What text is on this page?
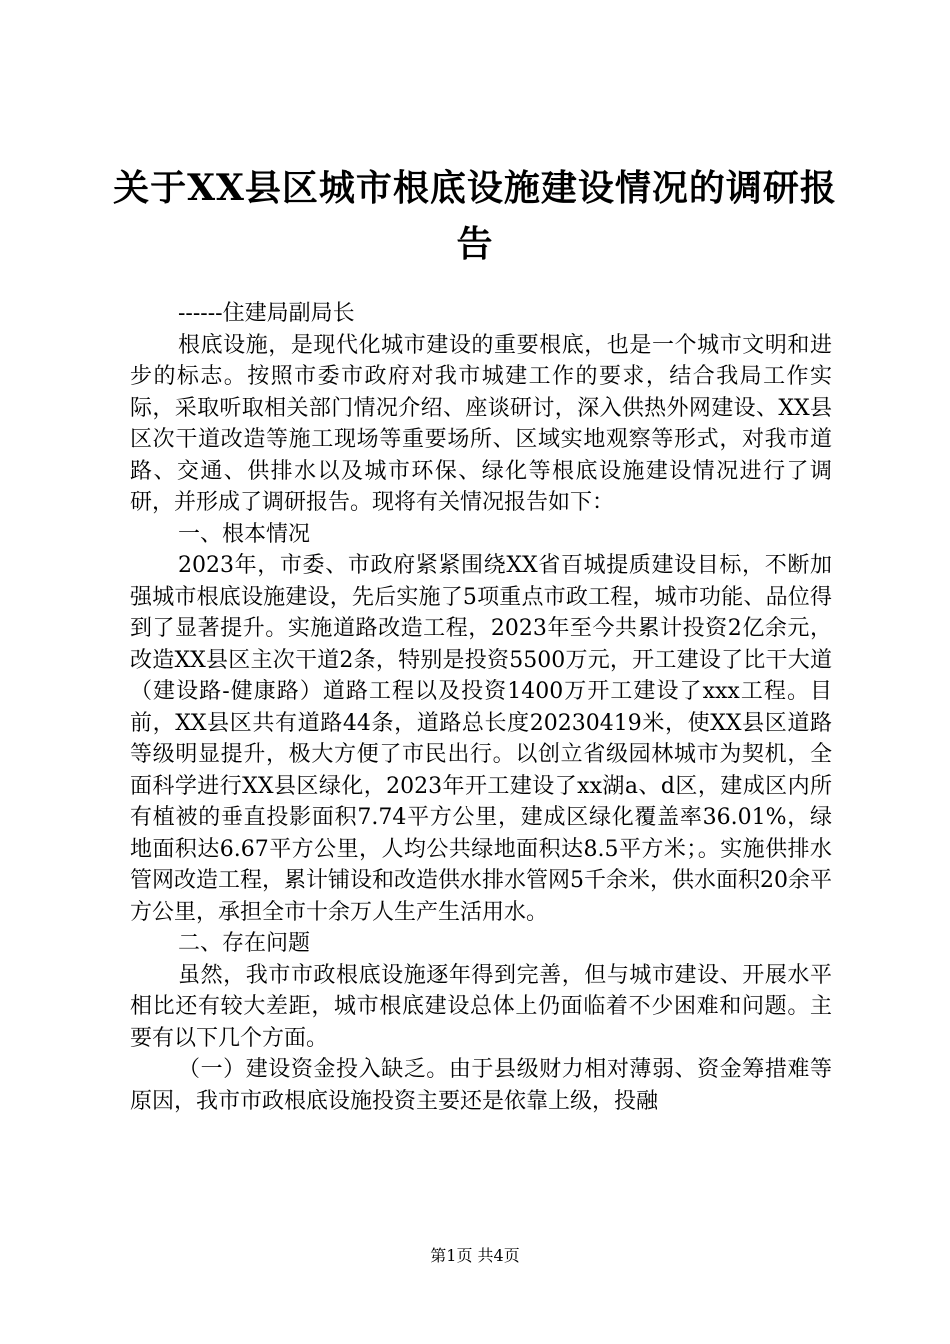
关于XX县区城市根底设施建设情况的调研报告

------住建局副局长

根底设施，是现代化城市建设的重要根底，也是一个城市文明和进步的标志。按照市委市政府对我市城建工作的要求，结合我局工作实际，采取听取相关部门情况介绍、座谈研讨，深入供热外网建设、XX县区次干道改造等施工现场等重要场所、区域实地观察等形式，对我市道路、交通、供排水以及城市环保、绿化等根底设施建设情况进行了调研，并形成了调研报告。现将有关情况报告如下：

一、根本情况

2023年，市委、市政府紧紧围绕XX省百城提质建设目标，不断加强城市根底设施建设，先后实施了5项重点市政工程，城市功能、品位得到了显著提升。实施道路改造工程，2023年至今共累计投资2亿余元，改造XX县区主次干道2条，特别是投资5500万元，开工建设了比干大道（建设路-健康路）道路工程以及投资1400万开工建设了xxx工程。目前，XX县区共有道路44条，道路总长度20230419米，使XX县区道路等级明显提升，极大方便了市民出行。以创立省级园林城市为契机，全面科学进行XX县区绿化，2023年开工建设了xx湖a、d区，建成区内所有植被的垂直投影面积7.74平方公里，建成区绿化覆盖率36.01%，绿地面积达6.67平方公里，人均公共绿地面积达8.5平方米；。实施供排水管网改造工程，累计铺设和改造供水排水管网5千余米，供水面积20余平方公里，承担全市十余万人生产生活用水。

二、存在问题

虽然，我市市政根底设施逐年得到完善，但与城市建设、开展水平相比还有较大差距，城市根底建设总体上仍面临着不少困难和问题。主要有以下几个方面。

（一）建设资金投入缺乏。由于县级财力相对薄弱、资金筹措难等原因，我市市政根底设施投资主要还是依靠上级，投融

第1页 共4页
